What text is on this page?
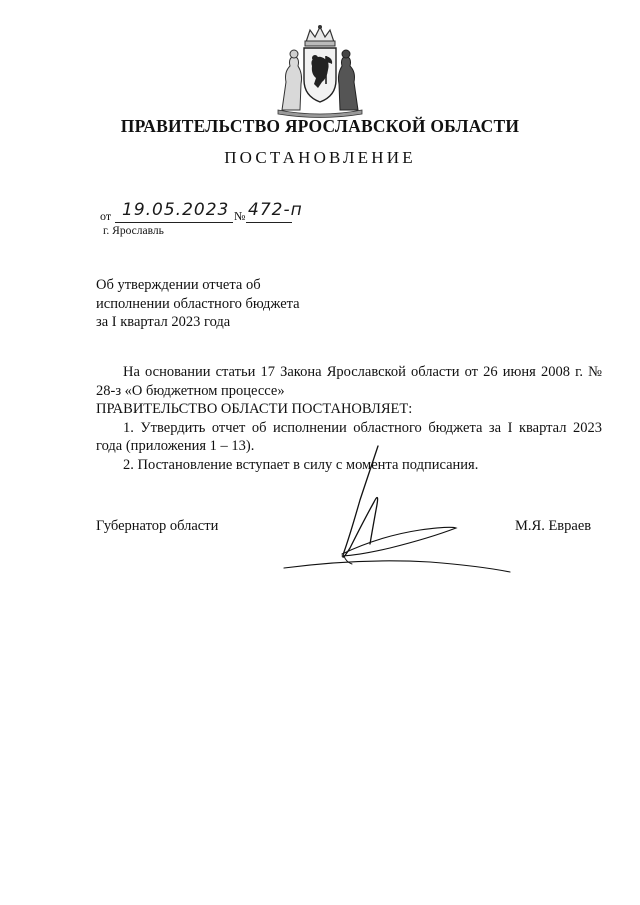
ПРАВИТЕЛЬСТВО ЯРОСЛАВСКОЙ ОБЛАСТИ
ПОСТАНОВЛЕНИЕ
от 19.05.2023 № 472-п
г. Ярославль
Об утверждении отчета об
исполнении областного бюджета
за I квартал 2023 года

На основании статьи 17 Закона Ярославской области от 26 июня 2008 г. № 28-з «О бюджетном процессе»

ПРАВИТЕЛЬСТВО ОБЛАСТИ ПОСТАНОВЛЯЕТ:

1. Утвердить отчет об исполнении областного бюджета за I квартал 2023 года (приложения 1 – 13).

2. Постановление вступает в силу с момента подписания.

Губернатор области	М.Я. Евраев
